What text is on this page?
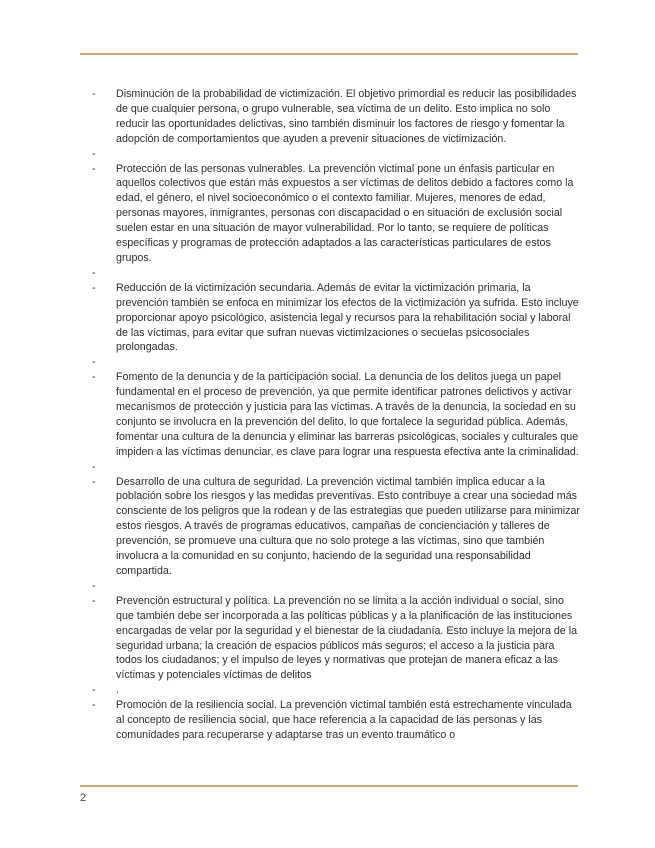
-	Disminución de la probabilidad de victimización. El objetivo primordial es reducir las posibilidades de que cualquier persona, o grupo vulnerable, sea víctima de un delito. Esto implica no solo reducir las oportunidades delictivas, sino también disminuir los factores de riesgo y fomentar la adopción de comportamientos que ayuden a prevenir situaciones de victimización.
-
-	Protección de las personas vulnerables. La prevención victimal pone un énfasis particular en aquellos colectivos que están más expuestos a ser víctimas de delitos debido a factores como la edad, el género, el nivel socioeconómico o el contexto familiar. Mujeres, menores de edad, personas mayores, inmigrantes, personas con discapacidad o en situación de exclusión social suelen estar en una situación de mayor vulnerabilidad. Por lo tanto, se requiere de políticas específicas y programas de protección adaptados a las características particulares de estos grupos.
-
-	Reducción de la victimización secundaria. Además de evitar la victimización primaria, la prevención también se enfoca en minimizar los efectos de la victimización ya sufrida. Esto incluye proporcionar apoyo psicológico, asistencia legal y recursos para la rehabilitación social y laboral de las víctimas, para evitar que sufran nuevas victimizaciones o secuelas psicosociales prolongadas.
-
-	Fomento de la denuncia y de la participación social. La denuncia de los delitos juega un papel fundamental en el proceso de prevención, ya que permite identificar patrones delictivos y activar mecanismos de protección y justicia para las víctimas. A través de la denuncia, la sociedad en su conjunto se involucra en la prevención del delito, lo que fortalece la seguridad pública. Además, fomentar una cultura de la denuncia y eliminar las barreras psicológicas, sociales y culturales que impiden a las víctimas denunciar, es clave para lograr una respuesta efectiva ante la criminalidad.
-
-	Desarrollo de una cultura de seguridad. La prevención victimal también implica educar a la población sobre los riesgos y las medidas preventivas. Esto contribuye a crear una sociedad más consciente de los peligros que la rodean y de las estrategias que pueden utilizarse para minimizar estos riesgos. A través de programas educativos, campañas de concienciación y talleres de prevención, se promueve una cultura que no solo protege a las víctimas, sino que también involucra a la comunidad en su conjunto, haciendo de la seguridad una responsabilidad compartida.
-
-	Prevención estructural y política. La prevención no se limita a la acción individual o social, sino que también debe ser incorporada a las políticas públicas y a la planificación de las instituciones encargadas de velar por la seguridad y el bienestar de la ciudadanía. Esto incluye la mejora de la seguridad urbana; la creación de espacios públicos más seguros; el acceso a la justicia para todos los ciudadanos; y el impulso de leyes y normativas que protejan de manera eficaz a las víctimas y potenciales víctimas de delitos
-	.
-	Promoción de la resiliencia social. La prevención victimal también está estrechamente vinculada al concepto de resiliencia social, que hace referencia a la capacidad de las personas y las comunidades para recuperarse y adaptarse tras un evento traumático o
2
